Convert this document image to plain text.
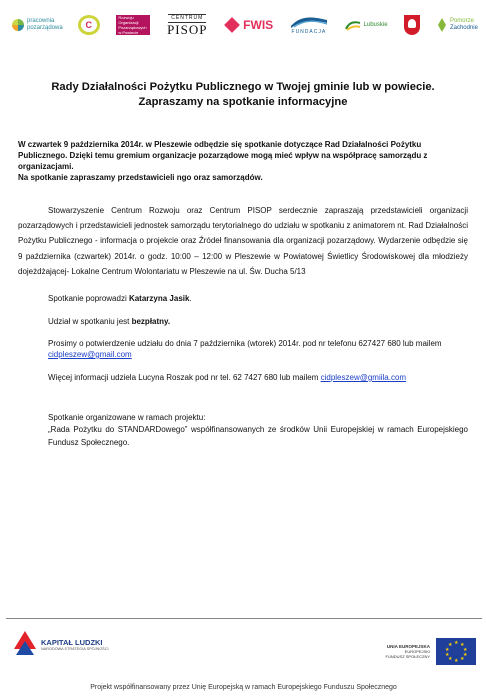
pracownia pozarządowa	C
Centrum Rozwoju Organizacji Pozarządowych w Powiecie Pleszewskim
CENTRUM
PISOP	FWIS	FUNDACJA
Lubuskie
Pomorze
Zachodnie
Rady Działalności Pożytku Publicznego w Twojej gminie lub w powiecie.
Zapraszamy na spotkanie informacyjne

W czwartek 9 października 2014r. w Pleszewie odbędzie się spotkanie dotyczące Rad Działalności Pożytku Publicznego. Dzięki temu gremium organizacje pozarządowe mogą mieć wpływ na współpracę samorządu z organizacjami.

Na spotkanie zapraszamy przedstawicieli ngo oraz samorządów.

Stowarzyszenie Centrum Rozwoju oraz Centrum PISOP serdecznie zapraszają przedstawicieli organizacji pozarządowych i przedstawicieli jednostek samorządu terytorialnego do udziału w spotkaniu z animatorem nt. Rad Działalności Pożytku Publicznego - informacja o projekcie oraz Źródeł finansowania dla organizacji pozarządowy. Wydarzenie odbędzie się 9 października (czwartek) 2014r. o godz. 10:00 – 12:00 w Pleszewie w Powiatowej Świetlicy Środowiskowej dla młodzieży dojeżdżającej- Lokalne Centrum Wolontariatu w Pleszewie na ul. Św. Ducha 5/13

Spotkanie poprowadzi Katarzyna Jasik.

Udział w spotkaniu jest bezpłatny.

Prosimy o potwierdzenie udziału do dnia 7 października (wtorek) 2014r. pod nr telefonu 627427 680 lub mailem cidpleszew@gmail.com

Więcej informacji udziela Lucyna Roszak pod nr tel. 62 7427 680 lub mailem cidpleszew@gmiila.com

Spotkanie organizowane w ramach projektu:

„Rada Pożytku do STANDARDowego” współfinansowanych ze środków Unii Europejskiej w ramach Europejskiego Fundusz Społecznego.

KAPITAŁ LUDZKI
NARODOWA STRATEGIA SPÓJNOŚCI	UNIA EUROPEJSKA
EUROPEJSKI
FUNDUSZ SPOŁECZNY
★ ★
★
★
★
★
★
★
★
★
Projekt współfinansowany przez Unię Europejską w ramach Europejskiego Funduszu Społecznego
